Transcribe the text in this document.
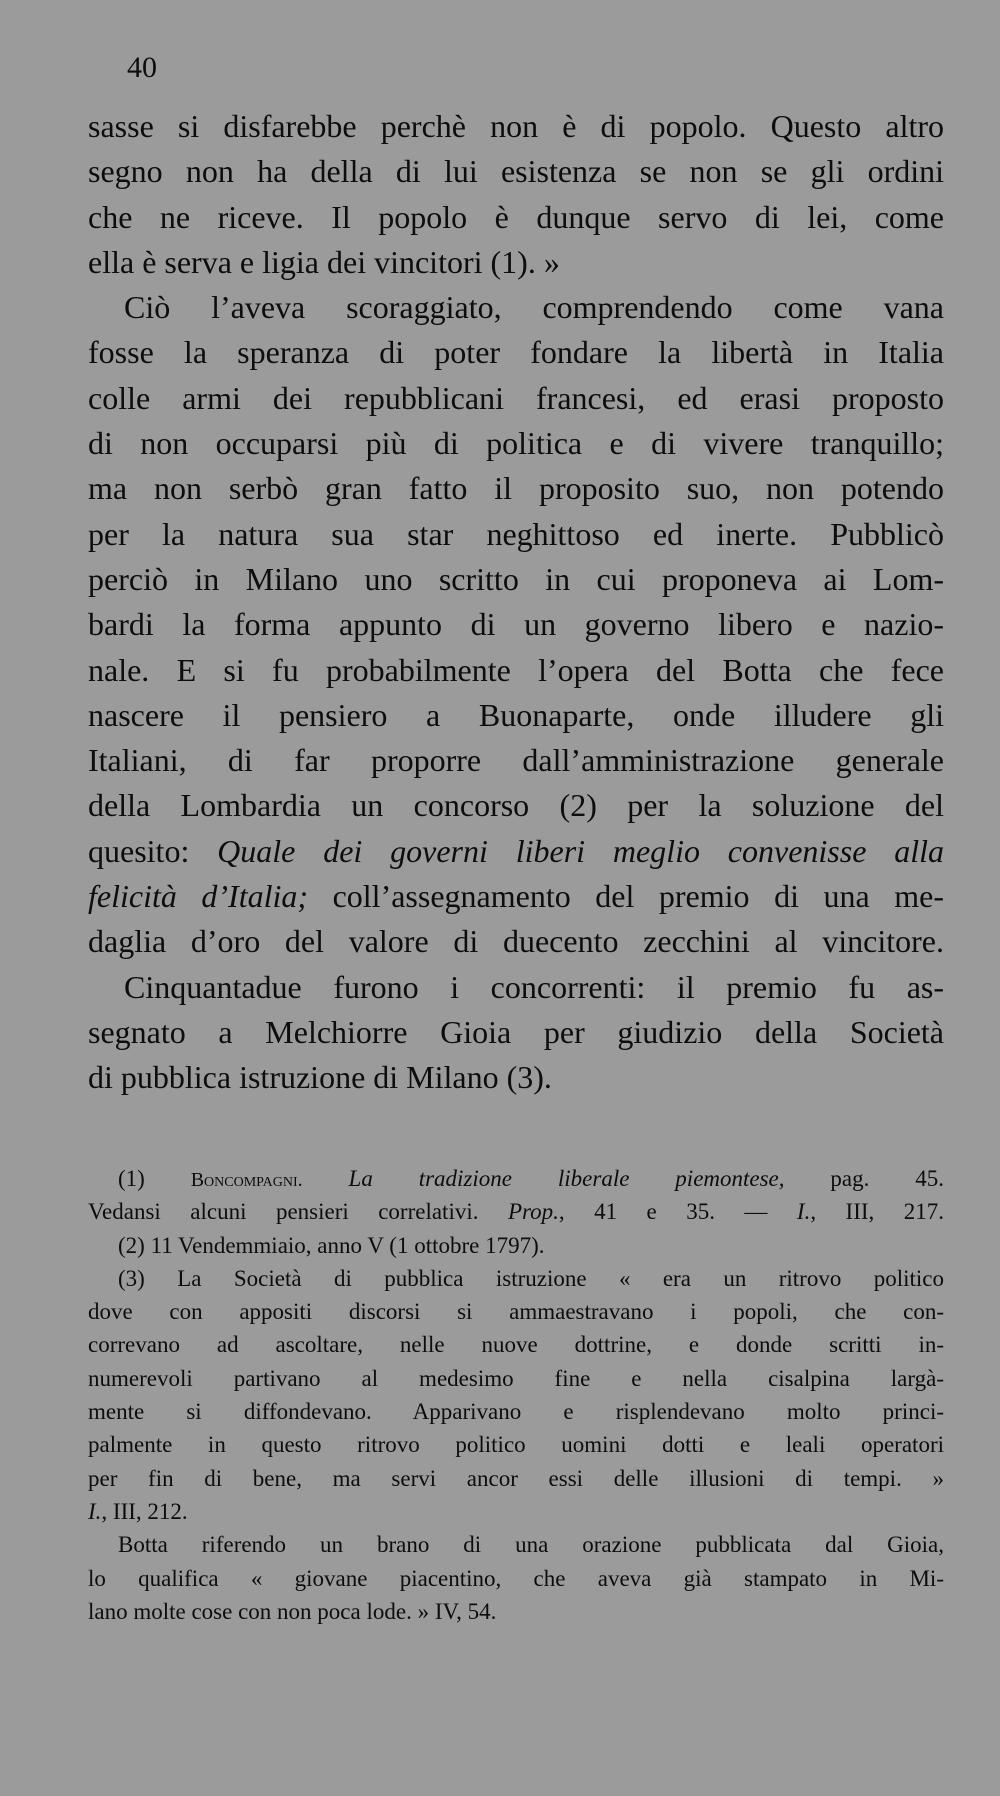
40

sasse si disfarebbe perchè non è di popolo. Questo altro
segno non ha della di lui esistenza se non se gli ordini
che ne riceve. Il popolo è dunque servo di lei, come
ella è serva e ligia dei vincitori (1). »
Ciò l’aveva scoraggiato, comprendendo come vana
fosse la speranza di poter fondare la libertà in Italia
colle armi dei repubblicani francesi, ed erasi proposto
di non occuparsi più di politica e di vivere tranquillo;
ma non serbò gran fatto il proposito suo, non potendo
per la natura sua star neghittoso ed inerte. Pubblicò
perciò in Milano uno scritto in cui proponeva ai Lom-
bardi la forma appunto di un governo libero e nazio-
nale. E si fu probabilmente l’opera del Botta che fece
nascere il pensiero a Buonaparte, onde illudere gli
Italiani, di far proporre dall’amministrazione generale
della Lombardia un concorso (2) per la soluzione del
quesito: Quale dei governi liberi meglio convenisse alla
felicità d’Italia; coll’assegnamento del premio di una me-
daglia d’oro del valore di duecento zecchini al vincitore.
Cinquantadue furono i concorrenti: il premio fu as-
segnato a Melchiorre Gioia per giudizio della Società
di pubblica istruzione di Milano (3).
(1) Boncompagni. La tradizione liberale piemontese, pag. 45.
Vedansi alcuni pensieri correlativi. Prop., 41 e 35. — I., III, 217.
(2) 11 Vendemmiaio, anno V (1 ottobre 1797).
(3) La Società di pubblica istruzione « era un ritrovo politico
dove con appositi discorsi si ammaestravano i popoli, che con-
correvano ad ascoltare, nelle nuove dottrine, e donde scritti in-
numerevoli partivano al medesimo fine e nella cisalpina largà-
mente si diffondevano. Apparivano e risplendevano molto princi-
palmente in questo ritrovo politico uomini dotti e leali operatori
per fin di bene, ma servi ancor essi delle illusioni di tempi. »
I., III, 212.
Botta riferendo un brano di una orazione pubblicata dal Gioia,
lo qualifica « giovane piacentino, che aveva già stampato in Mi-
lano molte cose con non poca lode. » IV, 54.
